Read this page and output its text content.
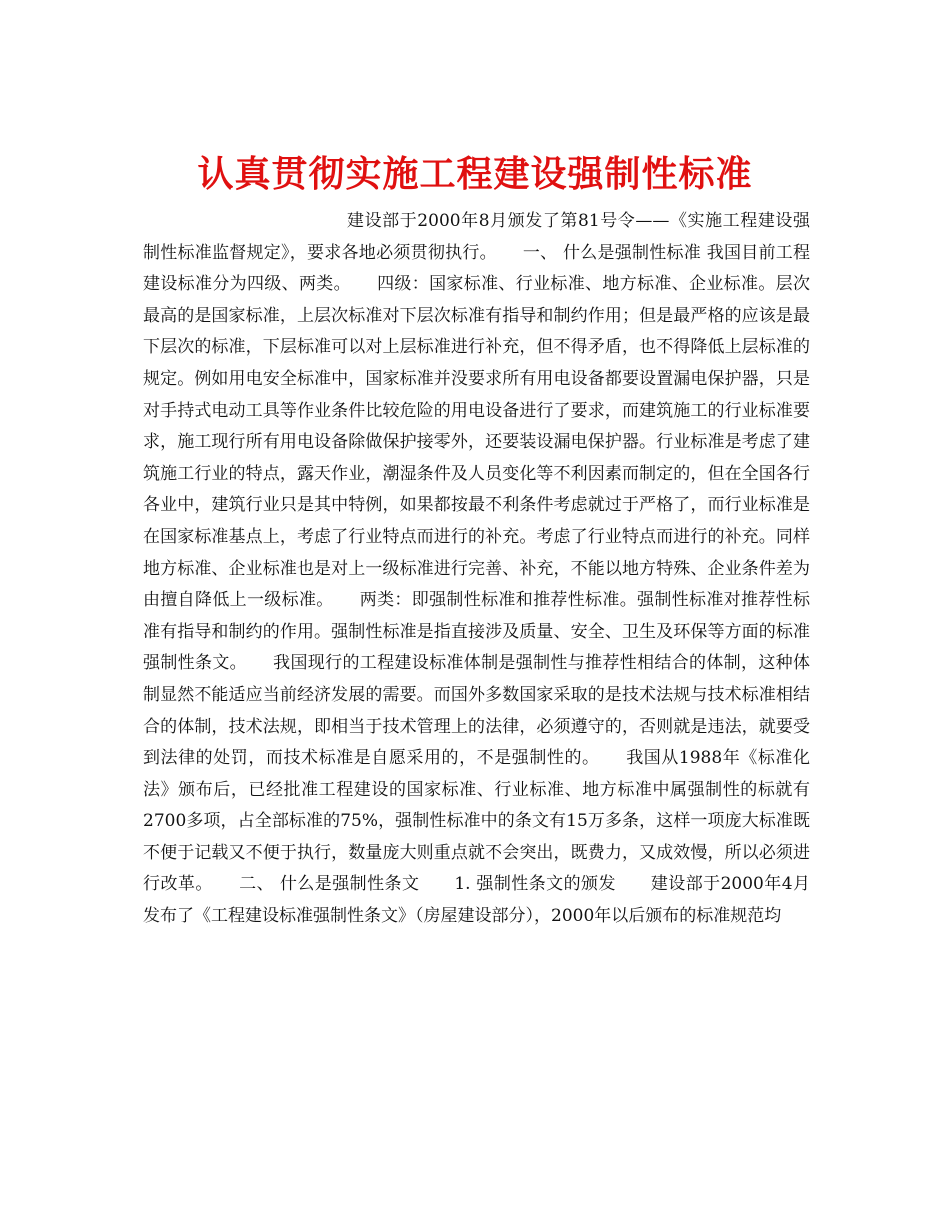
认真贯彻实施工程建设强制性标准

建设部于2000年8月颁发了第81号令——《实施工程建设强制性标准监督规定》，要求各地必须贯彻执行。　　一、 什么是强制性标准 我国目前工程建设标准分为四级、两类。　　四级：国家标准、行业标准、地方标准、企业标准。层次最高的是国家标准，上层次标准对下层次标准有指导和制约作用；但是最严格的应该是最下层次的标准，下层标准可以对上层标准进行补充，但不得矛盾，也不得降低上层标准的规定。例如用电安全标准中，国家标准并没要求所有用电设备都要设置漏电保护器，只是对手持式电动工具等作业条件比较危险的用电设备进行了要求，而建筑施工的行业标准要求，施工现行所有用电设备除做保护接零外，还要装设漏电保护器。行业标准是考虑了建筑施工行业的特点，露天作业，潮湿条件及人员变化等不利因素而制定的，但在全国各行各业中，建筑行业只是其中特例，如果都按最不利条件考虑就过于严格了，而行业标准是在国家标准基点上，考虑了行业特点而进行的补充。考虑了行业特点而进行的补充。同样地方标准、企业标准也是对上一级标准进行完善、补充，不能以地方特殊、企业条件差为由擅自降低上一级标准。　　两类：即强制性标准和推荐性标准。强制性标准对推荐性标准有指导和制约的作用。强制性标准是指直接涉及质量、安全、卫生及环保等方面的标准强制性条文。　　我国现行的工程建设标准体制是强制性与推荐性相结合的体制，这种体制显然不能适应当前经济发展的需要。而国外多数国家采取的是技术法规与技术标准相结合的体制，技术法规，即相当于技术管理上的法律，必须遵守的，否则就是违法，就要受到法律的处罚，而技术标准是自愿采用的，不是强制性的。　　我国从1988年《标准化法》颁布后，已经批准工程建设的国家标准、行业标准、地方标准中属强制性的标就有2700多项，占全部标准的75%，强制性标准中的条文有15万多条，这样一项庞大标准既不便于记载又不便于执行，数量庞大则重点就不会突出，既费力，又成效慢，所以必须进行改革。　　二、 什么是强制性条文　　1. 强制性条文的颁发　　建设部于2000年4月发布了《工程建设标准强制性条文》（房屋建设部分），2000年以后颁布的标准规范均
